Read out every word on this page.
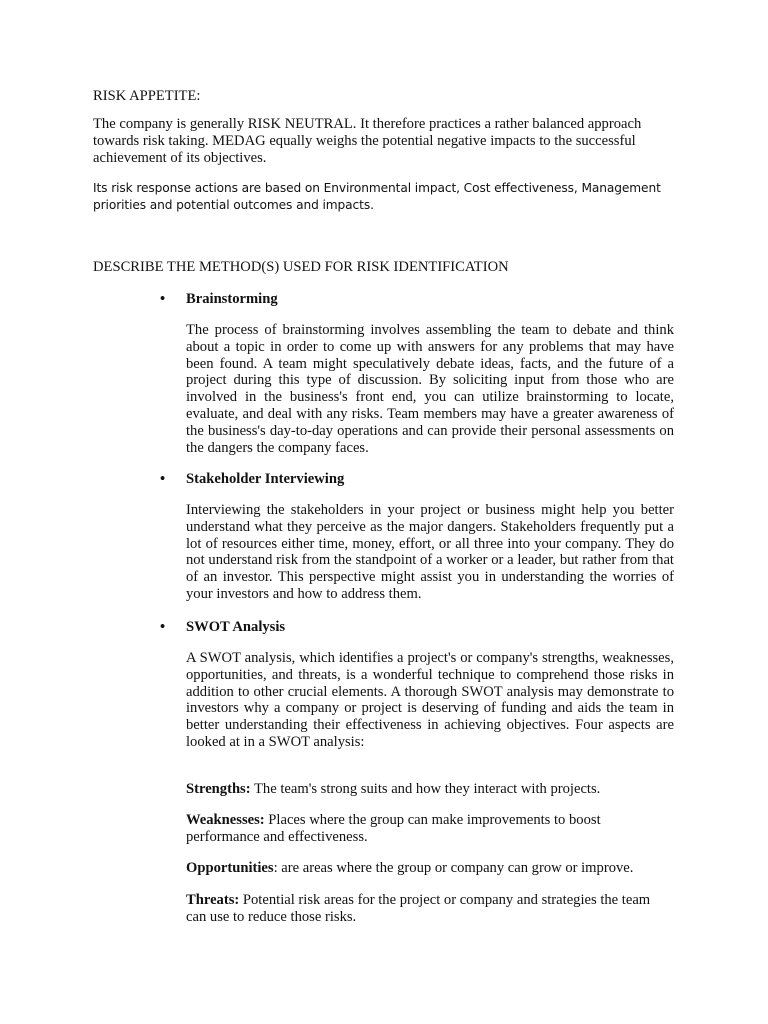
RISK APPETITE:

The company is generally RISK NEUTRAL. It therefore practices a rather balanced approach towards risk taking. MEDAG equally weighs the potential negative impacts to the successful achievement of its objectives.

Its risk response actions are based on Environmental impact, Cost effectiveness, Management priorities and potential outcomes and impacts.

DESCRIBE THE METHOD(S) USED FOR RISK IDENTIFICATION
• Brainstorming

The process of brainstorming involves assembling the team to debate and think about a topic in order to come up with answers for any problems that may have been found. A team might speculatively debate ideas, facts, and the future of a project during this type of discussion. By soliciting input from those who are involved in the business's front end, you can utilize brainstorming to locate, evaluate, and deal with any risks. Team members may have a greater awareness of the business's day-to-day operations and can provide their personal assessments on the dangers the company faces.

• Stakeholder Interviewing

Interviewing the stakeholders in your project or business might help you better understand what they perceive as the major dangers. Stakeholders frequently put a lot of resources either time, money, effort, or all three into your company. They do not understand risk from the standpoint of a worker or a leader, but rather from that of an investor. This perspective might assist you in understanding the worries of your investors and how to address them.

• SWOT Analysis

A SWOT analysis, which identifies a project's or company's strengths, weaknesses, opportunities, and threats, is a wonderful technique to comprehend those risks in addition to other crucial elements. A thorough SWOT analysis may demonstrate to investors why a company or project is deserving of funding and aids the team in better understanding their effectiveness in achieving objectives. Four aspects are looked at in a SWOT analysis:

Strengths: The team's strong suits and how they interact with projects.

Weaknesses: Places where the group can make improvements to boost performance and effectiveness.

Opportunities: are areas where the group or company can grow or improve.

Threats: Potential risk areas for the project or company and strategies the team can use to reduce those risks.
